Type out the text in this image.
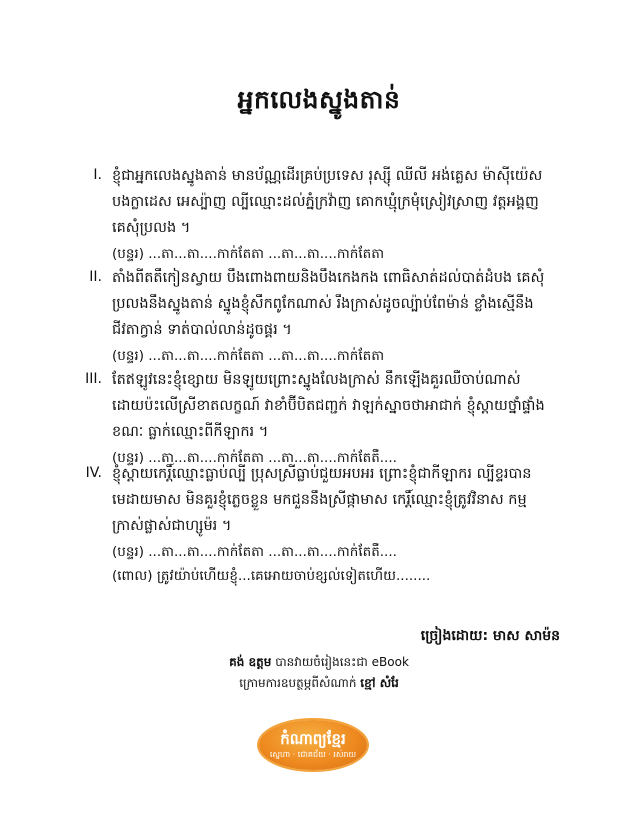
អ្នកលេងស្នូងតាន់
I. ខ្ញុំជាអ្នកលេងស្នូងតាន់ មានប័ណ្ណដើរគ្រប់ប្រទេស រុស្ស៊ី ឈីលី អង់គ្លេស ម៉ាស៊ីយ៉េស
បងក្លាដេស អេស្ប៉ាញ ល្បីឈ្មោះដល់ភ្នំក្រវ៉ាញ គោកឃ្មុំក្រមុំស្រៀវស្រាញ វត្តអង្គញ
គេសុំប្រលង ។
(បន្ទរ) ...តា...តា....កាក់តែតា ...តា...តា....កាក់តែតា
II. តាំងពីតតឹកៀនស្វាយ បឹងពោងពាយនិងបឹងកេងកង ពោធិសាត់ដល់បាត់ដំបង គេសុំ
ប្រលងនឹងស្នូងតាន់ ស្នូងខ្ញុំសឹកពូកែណាស់ រឹងក្រាស់ដូចល្ប៉ាប់ពែម៉ាន់ ខ្លាំងស្មើនឹង
ជីវតាក្វាន់ ទាត់បាល់លាន់ដូចផ្គរ ។
(បន្ទរ) ...តា...តា....កាក់តែតា ...តា...តា....កាក់តែតា
III. តែឥឡូវនេះខ្ញុំខ្សោយ មិនឡូយព្រោះស្នូងលែងក្រាស់ នឹកឡើងគួរឈឺចាប់ណាស់
ដោយប៉ះលើស្រីខាតលក្ខណ៍ វាខាំប៊ីបិតជញ្ជក់ វាឡក់ស្នាចថាអាជាក់ ខ្ញុំស្តាយថ្នាំផ្ទាំង
ខណៈ ធ្លាក់ឈ្មោះពីកីឡាករ ។
(បន្ទរ) ...តា...តា....កាក់តែតា ...តា...តា....កាក់តែតឺ....
IV. ខ្ញុំស្តាយកេរ្តិ៍ឈ្មោះធ្លាប់ល្បី ប្រុសស្រីធ្លាប់ជួយអបអរ ព្រោះខ្ញុំជាកីឡាករ ល្បីខ្ទរបាន
មេដាយមាស មិនគួរខ្ញុំភ្លេចខ្លួន មកជួននឹងស្រីផ្កាមាស កេរ្តិ៍ឈ្មោះខ្ញុំត្រូវវិនាស កម្ម
ក្រាស់ផ្លាស់ជាហ្សូម៉រ ។
(បន្ទរ) ...តា...តា....កាក់តែតា ...តា...តា....កាក់តែតឺ....
(ពោល) ត្រូវយ៉ាប់ហើយខ្ញុំ...គេអោយចាប់ខ្សល់ទៀតហើយ........
ច្រៀងដោយ: មាស សាម៉ន
គង់ ឧត្តម បានវាយចំរៀងនេះជា eBook
ក្រោមការឧបត្ថម្ភពីសំណាក់ ខ្មៅ សំរែ
កំណាព្យខ្មែរ
ស្នេហា · ជោគជ័យ · រស់រាយ
